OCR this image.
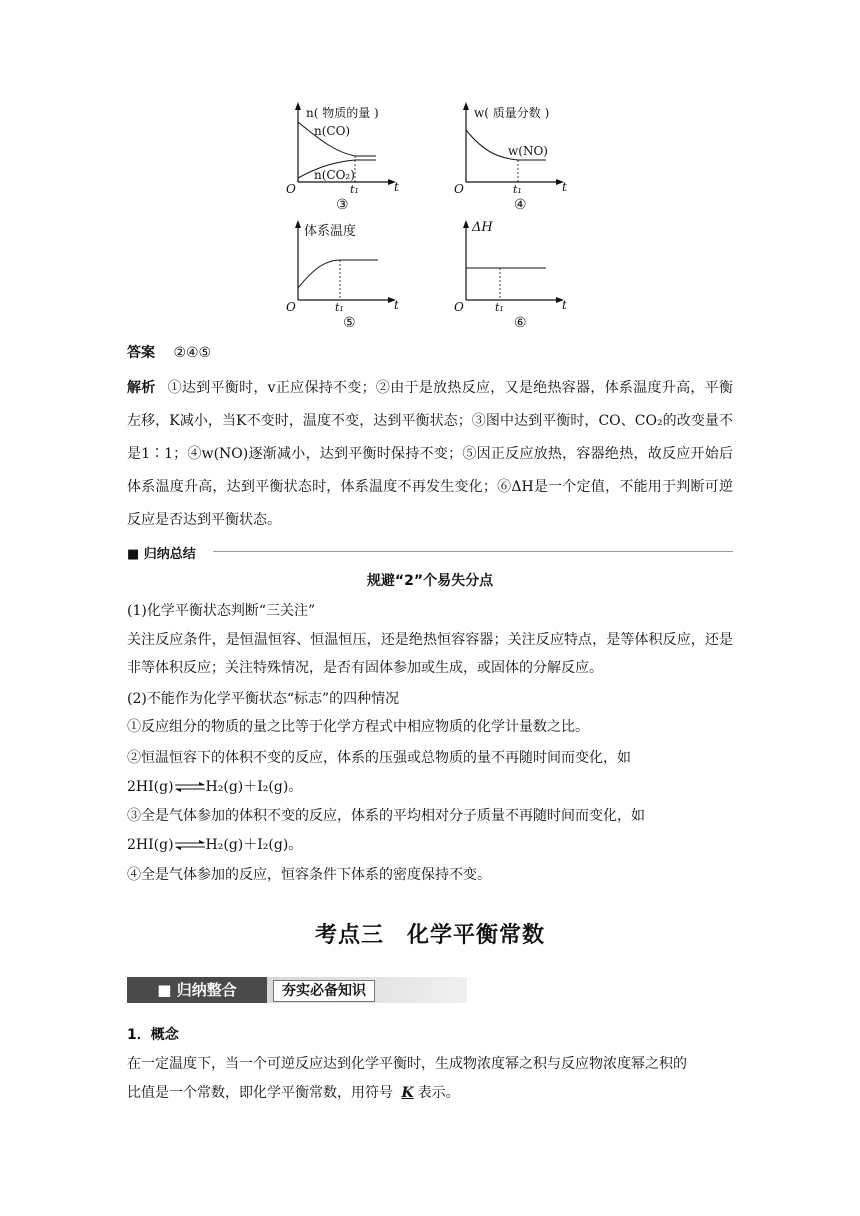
n( 物质的量 )
n(CO)
n(CO₂)
O	t₁	t
③
w( 质量分数 )
w(NO)
O	t₁	t
④
体系温度
O	t₁	t
⑤
ΔH
O	t₁	t
⑥
答案 ②④⑤
解析 ①达到平衡时，v正应保持不变；②由于是放热反应，又是绝热容器，体系温度升高，平衡左移，K减小，当K不变时，温度不变，达到平衡状态；③图中达到平衡时，CO、CO₂的改变量不是1∶1；④w(NO)逐渐减小，达到平衡时保持不变；⑤因正反应放热，容器绝热，故反应开始后体系温度升高，达到平衡状态时，体系温度不再发生变化；⑥ΔH是一个定值，不能用于判断可逆反应是否达到平衡状态。
■ 归纳总结
规避“2”个易失分点
(1)化学平衡状态判断“三关注”
关注反应条件，是恒温恒容、恒温恒压，还是绝热恒容容器；关注反应特点，是等体积反应，还是非等体积反应；关注特殊情况，是否有固体参加或生成，或固体的分解反应。
(2)不能作为化学平衡状态“标志”的四种情况
①反应组分的物质的量之比等于化学方程式中相应物质的化学计量数之比。
②恒温恒容下的体积不变的反应，体系的压强或总物质的量不再随时间而变化，如
2HI(g)⇌H₂(g)＋I₂(g)。
③全是气体参加的体积不变的反应，体系的平均相对分子质量不再随时间而变化，如
2HI(g)⇌H₂(g)＋I₂(g)。
④全是气体参加的反应，恒容条件下体系的密度保持不变。
考点三　化学平衡常数
■ 归纳整合	夯实必备知识
1．概念
在一定温度下，当一个可逆反应达到化学平衡时，生成物浓度幂之积与反应物浓度幂之积的
比值是一个常数，即化学平衡常数，用符号 K 表示。
